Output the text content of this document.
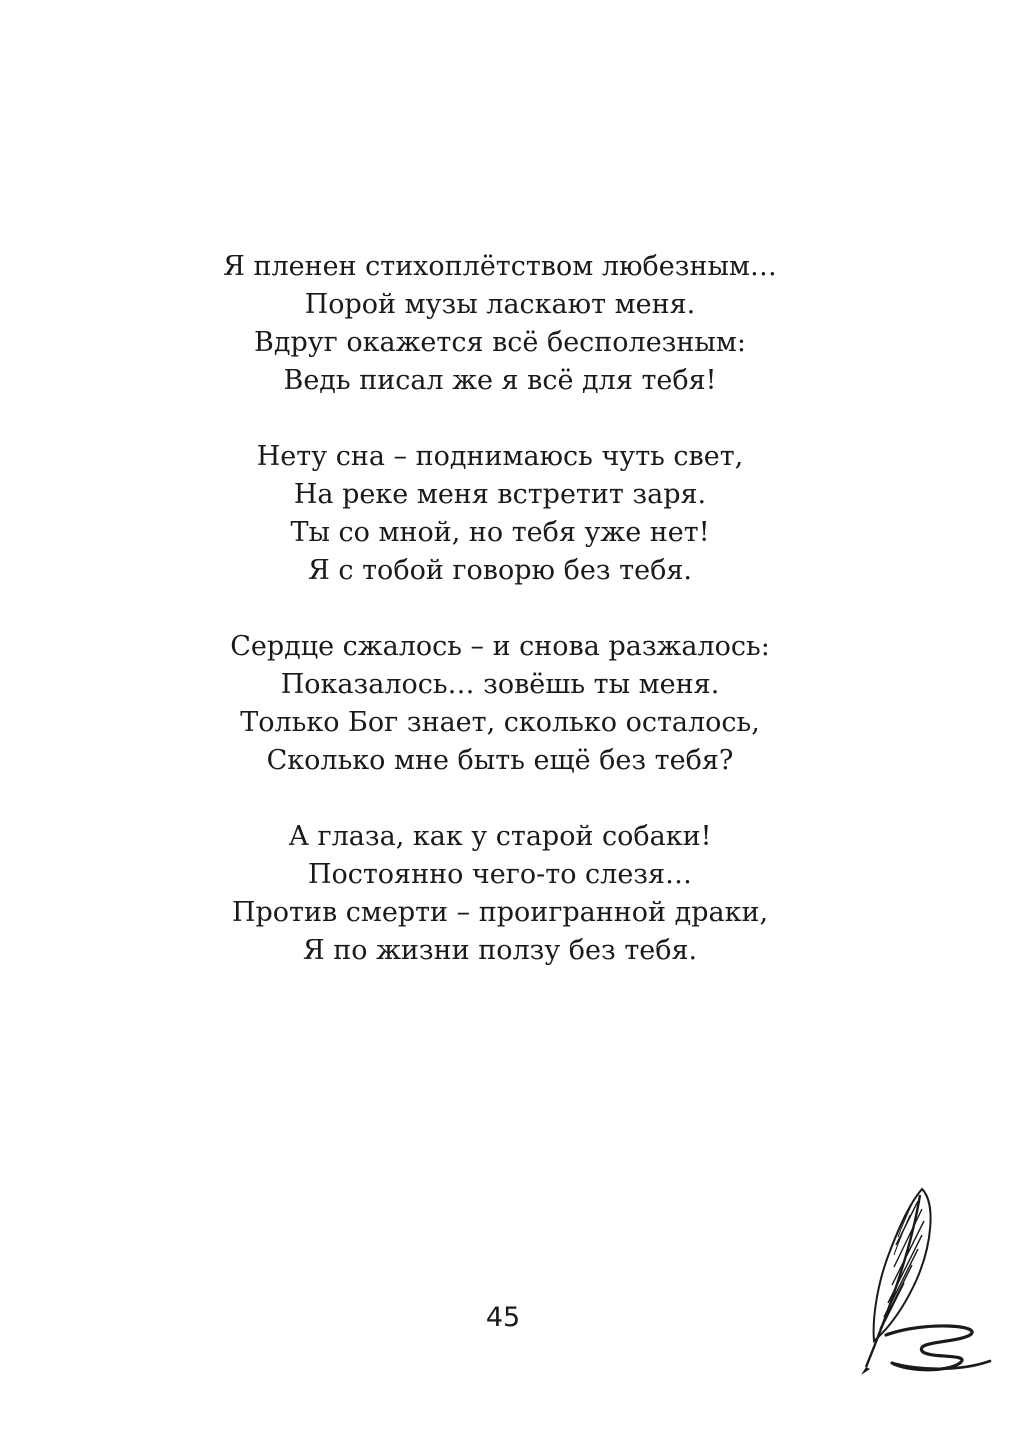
Я пленен стихоплётством любезным…
Порой музы ласкают меня.
Вдруг окажется всё бесполезным:
Ведь писал же я всё для тебя!
Нету сна – поднимаюсь чуть свет,
На реке меня встретит заря.
Ты со мной, но тебя уже нет!
Я с тобой говорю без тебя.
Сердце сжалось – и снова разжалось:
Показалось… зовёшь ты меня.
Только Бог знает, сколько осталось,
Сколько мне быть ещё без тебя?
А глаза, как у старой собаки!
Постоянно чего-то слезя…
Против смерти – проигранной драки,
Я по жизни ползу без тебя.
45
